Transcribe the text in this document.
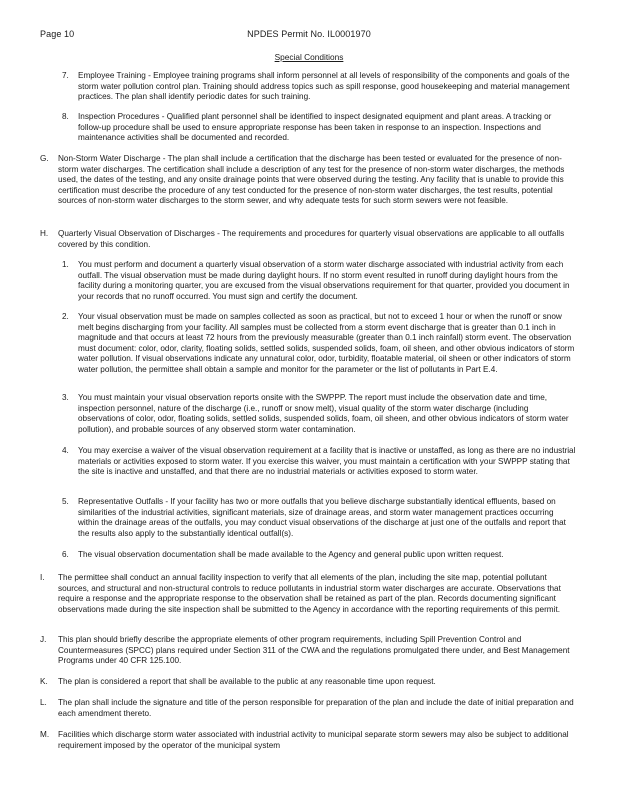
Page 10	NPDES Permit No. IL0001970
Special Conditions
7. Employee Training - Employee training programs shall inform personnel at all levels of responsibility of the components and goals of the storm water pollution control plan. Training should address topics such as spill response, good housekeeping and material management practices. The plan shall identify periodic dates for such training.
8. Inspection Procedures - Qualified plant personnel shall be identified to inspect designated equipment and plant areas. A tracking or follow-up procedure shall be used to ensure appropriate response has been taken in response to an inspection. Inspections and maintenance activities shall be documented and recorded.
G. Non-Storm Water Discharge - The plan shall include a certification that the discharge has been tested or evaluated for the presence of non-storm water discharges. The certification shall include a description of any test for the presence of non-storm water discharges, the methods used, the dates of the testing, and any onsite drainage points that were observed during the testing. Any facility that is unable to provide this certification must describe the procedure of any test conducted for the presence of non-storm water discharges, the test results, potential sources of non-storm water discharges to the storm sewer, and why adequate tests for such storm sewers were not feasible.
H. Quarterly Visual Observation of Discharges - The requirements and procedures for quarterly visual observations are applicable to all outfalls covered by this condition.
1. You must perform and document a quarterly visual observation of a storm water discharge associated with industrial activity from each outfall. The visual observation must be made during daylight hours. If no storm event resulted in runoff during daylight hours from the facility during a monitoring quarter, you are excused from the visual observations requirement for that quarter, provided you document in your records that no runoff occurred. You must sign and certify the document.
2. Your visual observation must be made on samples collected as soon as practical, but not to exceed 1 hour or when the runoff or snow melt begins discharging from your facility. All samples must be collected from a storm event discharge that is greater than 0.1 inch in magnitude and that occurs at least 72 hours from the previously measurable (greater than 0.1 inch rainfall) storm event. The observation must document: color, odor, clarity, floating solids, settled solids, suspended solids, foam, oil sheen, and other obvious indicators of storm water pollution. If visual observations indicate any unnatural color, odor, turbidity, floatable material, oil sheen or other indicators of storm water pollution, the permittee shall obtain a sample and monitor for the parameter or the list of pollutants in Part E.4.
3. You must maintain your visual observation reports onsite with the SWPPP. The report must include the observation date and time, inspection personnel, nature of the discharge (i.e., runoff or snow melt), visual quality of the storm water discharge (including observations of color, odor, floating solids, settled solids, suspended solids, foam, oil sheen, and other obvious indicators of storm water pollution), and probable sources of any observed storm water contamination.
4. You may exercise a waiver of the visual observation requirement at a facility that is inactive or unstaffed, as long as there are no industrial materials or activities exposed to storm water. If you exercise this waiver, you must maintain a certification with your SWPPP stating that the site is inactive and unstaffed, and that there are no industrial materials or activities exposed to storm water.
5. Representative Outfalls - If your facility has two or more outfalls that you believe discharge substantially identical effluents, based on similarities of the industrial activities, significant materials, size of drainage areas, and storm water management practices occurring within the drainage areas of the outfalls, you may conduct visual observations of the discharge at just one of the outfalls and report that the results also apply to the substantially identical outfall(s).
6. The visual observation documentation shall be made available to the Agency and general public upon written request.
I. The permittee shall conduct an annual facility inspection to verify that all elements of the plan, including the site map, potential pollutant sources, and structural and non-structural controls to reduce pollutants in industrial storm water discharges are accurate. Observations that require a response and the appropriate response to the observation shall be retained as part of the plan. Records documenting significant observations made during the site inspection shall be submitted to the Agency in accordance with the reporting requirements of this permit.
J. This plan should briefly describe the appropriate elements of other program requirements, including Spill Prevention Control and Countermeasures (SPCC) plans required under Section 311 of the CWA and the regulations promulgated there under, and Best Management Programs under 40 CFR 125.100.
K. The plan is considered a report that shall be available to the public at any reasonable time upon request.
L. The plan shall include the signature and title of the person responsible for preparation of the plan and include the date of initial preparation and each amendment thereto.
M. Facilities which discharge storm water associated with industrial activity to municipal separate storm sewers may also be subject to additional requirement imposed by the operator of the municipal system
